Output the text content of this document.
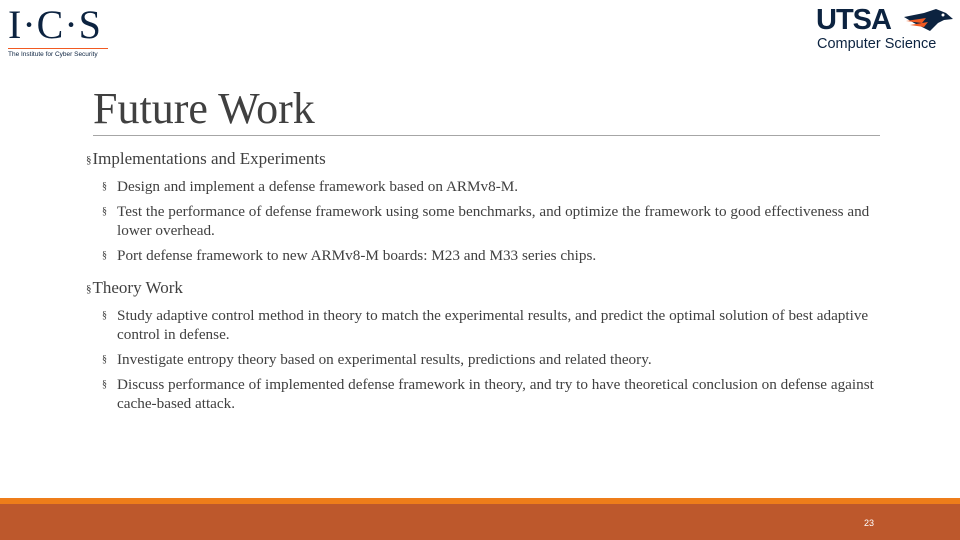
I·C·S
The Institute for Cyber Security
UTSA
Computer Science
Future Work
§Implementations and Experiments
§ Design and implement a defense framework based on ARMv8-M.
§ Test the performance of defense framework using some benchmarks, and optimize the framework to good effectiveness and lower overhead.
§ Port defense framework to new ARMv8-M boards: M23 and M33 series chips.
§Theory Work
§ Study adaptive control method in theory to match the experimental results, and predict the optimal solution of best adaptive control in defense.
§ Investigate entropy theory based on experimental results, predictions and related theory.
§ Discuss performance of implemented defense framework in theory, and try to have theoretical conclusion on defense against cache-based attack.
23
